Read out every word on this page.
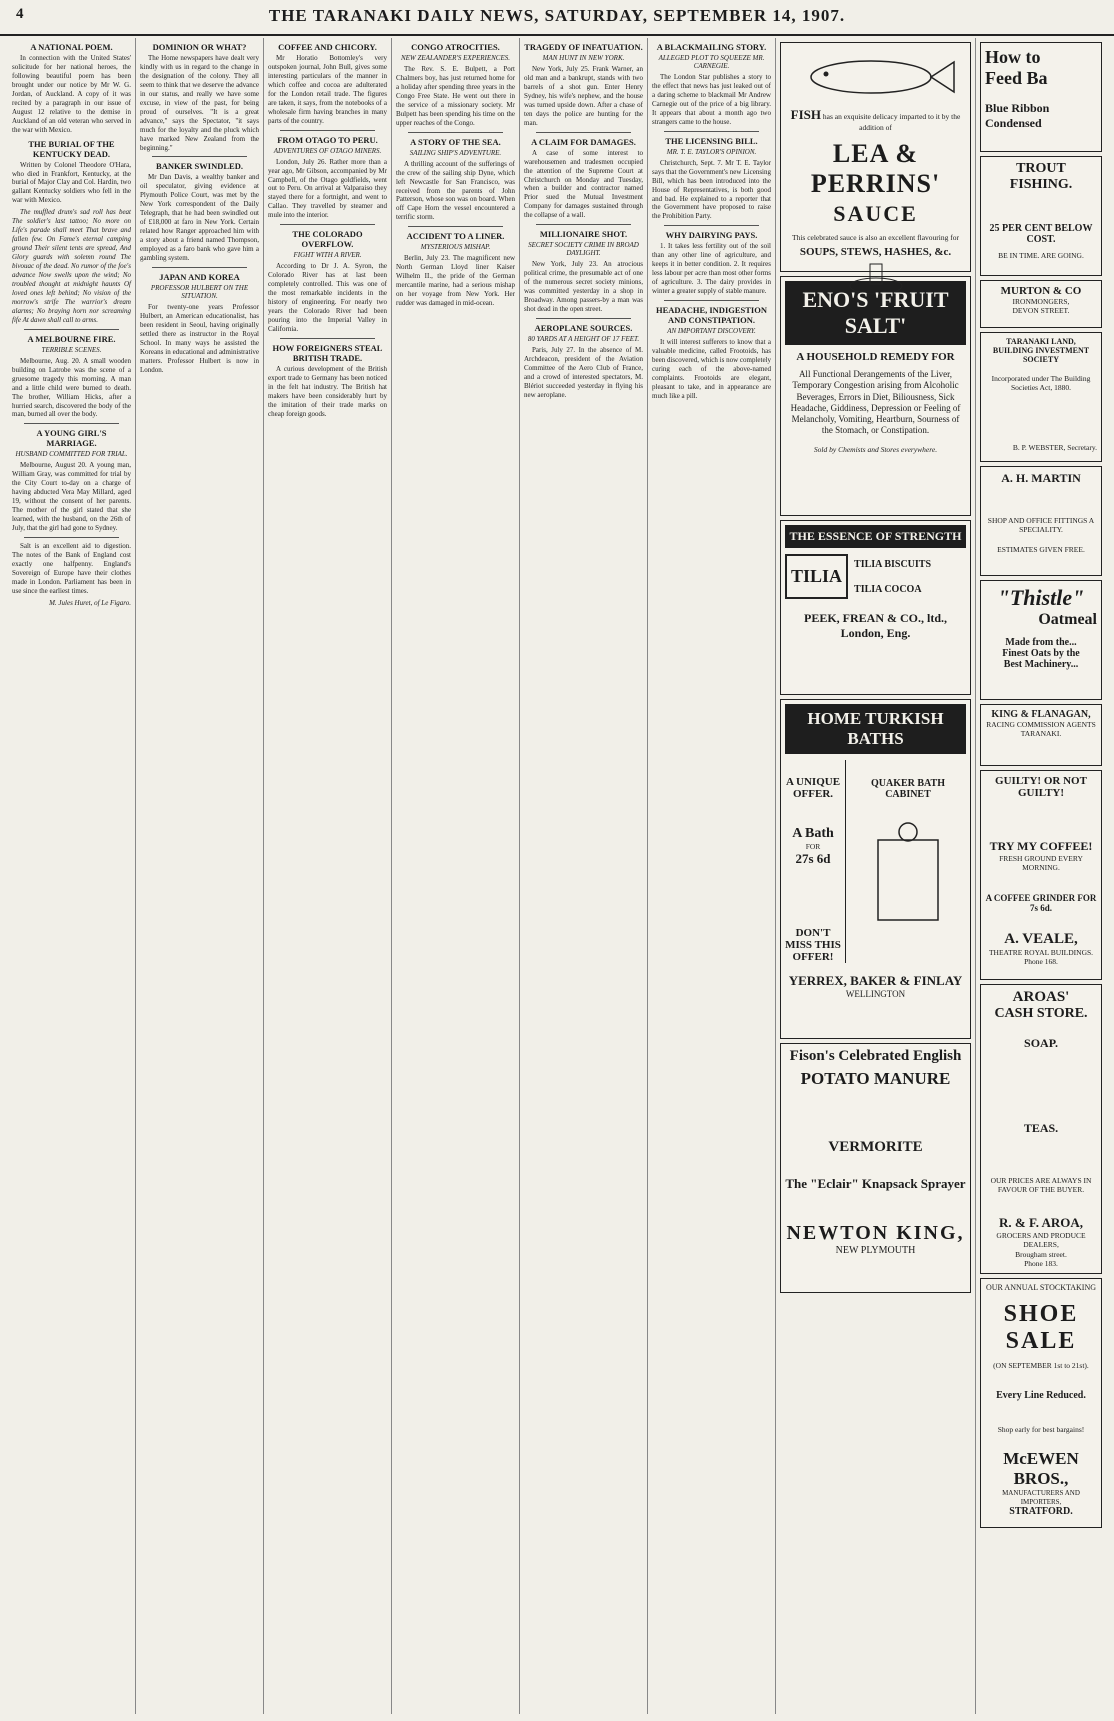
4	THE TARANAKI DAILY NEWS, SATURDAY, SEPTEMBER 14, 1907.
A NATIONAL POEM.
In connection with the United States' solicitude for her national heroes, the following beautiful poem has been brought under our notice by Mr W. G. Jordan, of Auckland. A copy of it was recited by a paragraph in our issue of August 12 relative to the demise in Auckland of an old veteran who served in the war with Mexico.
THE BURIAL OF THE KENTUCKY DEAD.
Written by Colonel Theodore O'Hara, who died in Frankfort, Kentucky, at the burial of Major Clay and Col. Hardin, two gallant Kentucky soldiers who fell in the war with Mexico.
The muffled drum's sad roll has beat The soldier's last tattoo; No more on Life's parade shall meet That brave and fallen few. On Fame's eternal camping ground Their silent tents are spread, And Glory guards with solemn round The bivouac of the dead. No rumor of the foe's advance Now swells upon the wind; No troubled thought at midnight haunts Of loved ones left behind; No vision of the morrow's strife The warrior's dream alarms; No braying horn nor screaming fife At dawn shall call to arms.
A MELBOURNE FIRE.
TERRIBLE SCENES.
Melbourne, Aug. 20. A small wooden building on Latrobe was the scene of a gruesome tragedy this morning. A man and a little child were burned to death. The brother, William Hicks, after a hurried search, discovered the body of the man, burned all over the body.
A YOUNG GIRL'S MARRIAGE.
HUSBAND COMMITTED FOR TRIAL.
Melbourne, August 20. A young man, William Gray, was committed for trial by the City Court to-day on a charge of having abducted Vera May Millard, aged 19, without the consent of her parents. The mother of the girl stated that she learned, with the husband, on the 26th of July, that the girl had gone to Sydney.
Salt is an excellent aid to digestion. The notes of the Bank of England cost exactly one halfpenny. England's Sovereign of Europe have their clothes made in London. Parliament has been in use since the earliest times.
M. Jules Huret, of Le Figaro.
DOMINION OR WHAT?
The Home newspapers have dealt very kindly with us in regard to the change in the designation of the colony. They all seem to think that we deserve the advance in our status, and really we have some excuse, in view of the past, for being proud of ourselves. "It is a great advance," says the Spectator, "it says much for the loyalty and the pluck which have marked New Zealand from the beginning."
BANKER SWINDLED.
Mr Dan Davis, a wealthy banker and oil speculator, giving evidence at Plymouth Police Court, was met by the New York correspondent of the Daily Telegraph, that he had been swindled out of £18,000 at faro in New York. Certain related how Ranger approached him with a story about a friend named Thompson, employed as a faro bank who gave him a gambling system.
JAPAN AND KOREA
PROFESSOR HULBERT ON THE SITUATION.
For twenty-one years Professor Hulbert, an American educationalist, has been resident in Seoul, having originally settled there as instructor in the Royal School. In many ways he assisted the Koreans in educational and administrative matters. Professor Hulbert is now in London.
COFFEE AND CHICORY.
Mr Horatio Bottomley's very outspoken journal, John Bull, gives some interesting particulars of the manner in which coffee and cocoa are adulterated for the London retail trade. The figures are taken, it says, from the notebooks of a wholesale firm having branches in many parts of the country.
FROM OTAGO TO PERU.
ADVENTURES OF OTAGO MINERS.
London, July 26. Rather more than a year ago, Mr Gibson, accompanied by Mr Campbell, of the Otago goldfields, went out to Peru. On arrival at Valparaiso they stayed there for a fortnight, and went to Callao. They travelled by steamer and mule into the interior.
THE COLORADO OVERFLOW.
FIGHT WITH A RIVER.
According to Dr J. A. Syron, the Colorado River has at last been completely controlled. This was one of the most remarkable incidents in the history of engineering. For nearly two years the Colorado River had been pouring into the Imperial Valley in California.
HOW FOREIGNERS STEAL BRITISH TRADE.
A curious development of the British export trade to Germany has been noticed in the felt hat industry. The British hat makers have been considerably hurt by the imitation of their trade marks on cheap foreign goods.
CONGO ATROCITIES.
NEW ZEALANDER'S EXPERIENCES.
The Rev. S. E. Bulpett, a Port Chalmers boy, has just returned home for a holiday after spending three years in the Congo Free State. He went out there in the service of a missionary society. Mr Bulpett has been spending his time on the upper reaches of the Congo.
A STORY OF THE SEA.
SAILING SHIP'S ADVENTURE.
A thrilling account of the sufferings of the crew of the sailing ship Dyne, which left Newcastle for San Francisco, was received from the parents of John Patterson, whose son was on board. When off Cape Horn the vessel encountered a terrific storm.
ACCIDENT TO A LINER.
MYSTERIOUS MISHAP.
Berlin, July 23. The magnificent new North German Lloyd liner Kaiser Wilhelm II., the pride of the German mercantile marine, had a serious mishap on her voyage from New York. Her rudder was damaged in mid-ocean.
TRAGEDY OF INFATUATION.
MAN HUNT IN NEW YORK.
New York, July 25. Frank Warner, an old man and a bankrupt, stands with two barrels of a shot gun. Enter Henry Sydney, his wife's nephew, and the house was turned upside down. After a chase of ten days the police are hunting for the man.
A CLAIM FOR DAMAGES.
A case of some interest to warehousemen and tradesmen occupied the attention of the Supreme Court at Christchurch on Monday and Tuesday, when a builder and contractor named Prior sued the Mutual Investment Company for damages sustained through the collapse of a wall.
MILLIONAIRE SHOT.
SECRET SOCIETY CRIME IN BROAD DAYLIGHT.
New York, July 23. An atrocious political crime, the presumable act of one of the numerous secret society minions, was committed yesterday in a shop in Broadway. Among passers-by a man was shot dead in the open street.
AEROPLANE SOURCES.
80 YARDS AT A HEIGHT OF 17 FEET.
Paris, July 27. In the absence of M. Archdeacon, president of the Aviation Committee of the Aero Club of France, and a crowd of interested spectators, M. Blériot succeeded yesterday in flying his new aeroplane.
A BLACKMAILING STORY.
ALLEGED PLOT TO SQUEEZE MR. CARNEGIE.
The London Star publishes a story to the effect that news has just leaked out of a daring scheme to blackmail Mr Andrew Carnegie out of the price of a big library. It appears that about a month ago two strangers came to the house.
THE LICENSING BILL.
MR. T. E. TAYLOR'S OPINION.
Christchurch, Sept. 7. Mr T. E. Taylor says that the Government's new Licensing Bill, which has been introduced into the House of Representatives, is both good and bad. He explained to a reporter that the Government have proposed to raise the Prohibition Party.
WHY DAIRYING PAYS.
1. It takes less fertility out of the soil than any other line of agriculture, and keeps it in better condition. 2. It requires less labour per acre than most other forms of agriculture. 3. The dairy provides in winter a greater supply of stable manure.
HEADACHE, INDIGESTION AND CONSTIPATION.
AN IMPORTANT DISCOVERY.
It will interest sufferers to know that a valuable medicine, called Frootoids, has been discovered, which is now completely curing each of the above-named complaints. Frootoids are elegant, pleasant to take, and in appearance are much like a pill.
FISH has an exquisite delicacy imparted to it by the addition of
LEA & PERRINS'
SAUCE
This celebrated sauce is also an excellent flavouring for
SOUPS, STEWS, HASHES, &c.
ENO'S 'FRUIT SALT'
A HOUSEHOLD REMEDY FOR
All Functional Derangements of the Liver, Temporary Congestion arising from Alcoholic Beverages, Errors in Diet, Biliousness, Sick Headache, Giddiness, Depression or Feeling of Melancholy, Vomiting, Heartburn, Sourness of the Stomach, or Constipation.
Sold by Chemists and Stores everywhere.
THE ESSENCE OF STRENGTH
TILIA
TILIA BISCUITS
TILIA COCOA
PEEK, FREAN & CO., ltd., London, Eng.
HOME TURKISH BATHS
A UNIQUE OFFER.
A Bath
FOR
27s 6d
DON'T MISS THIS OFFER!
QUAKER BATH CABINET
YERREX, BAKER & FINLAY
WELLINGTON
Fison's Celebrated English
POTATO MANURE
VERMORITE
The "Eclair" Knapsack Sprayer
NEWTON KING,
NEW PLYMOUTH
How to
Feed Ba
Blue Ribbon
Condensed
TROUT
FISHING.
25 PER CENT BELOW COST.
BE IN TIME. ARE GOING.
MURTON & CO
IRONMONGERS,
DEVON STREET.
TARANAKI LAND, BUILDING INVESTMENT SOCIETY
Incorporated under The Building Societies Act, 1880.
B. P. WEBSTER, Secretary.
A. H. MARTIN
SHOP AND OFFICE FITTINGS A SPECIALITY.
ESTIMATES GIVEN FREE.
"Thistle"
Oatmeal
Made from the...
Finest Oats by the
Best Machinery...
KING & FLANAGAN,
RACING COMMISSION AGENTS
TARANAKI.
GUILTY! OR NOT GUILTY!
TRY MY COFFEE!
FRESH GROUND EVERY MORNING.
A COFFEE GRINDER FOR 7s 6d.
A. VEALE,
THEATRE ROYAL BUILDINGS.
Phone 168.
AROAS'
CASH STORE.
SOAP.
TEAS.
OUR PRICES ARE ALWAYS IN FAVOUR OF THE BUYER.
R. & F. AROA,
GROCERS AND PRODUCE DEALERS,
Brougham street.
Phone 183.
OUR ANNUAL STOCKTAKING
SHOE
SALE
(ON SEPTEMBER 1st to 21st).
Every Line Reduced.
Shop early for best bargains!
McEWEN
BROS.,
MANUFACTURERS AND IMPORTERS,
STRATFORD.
